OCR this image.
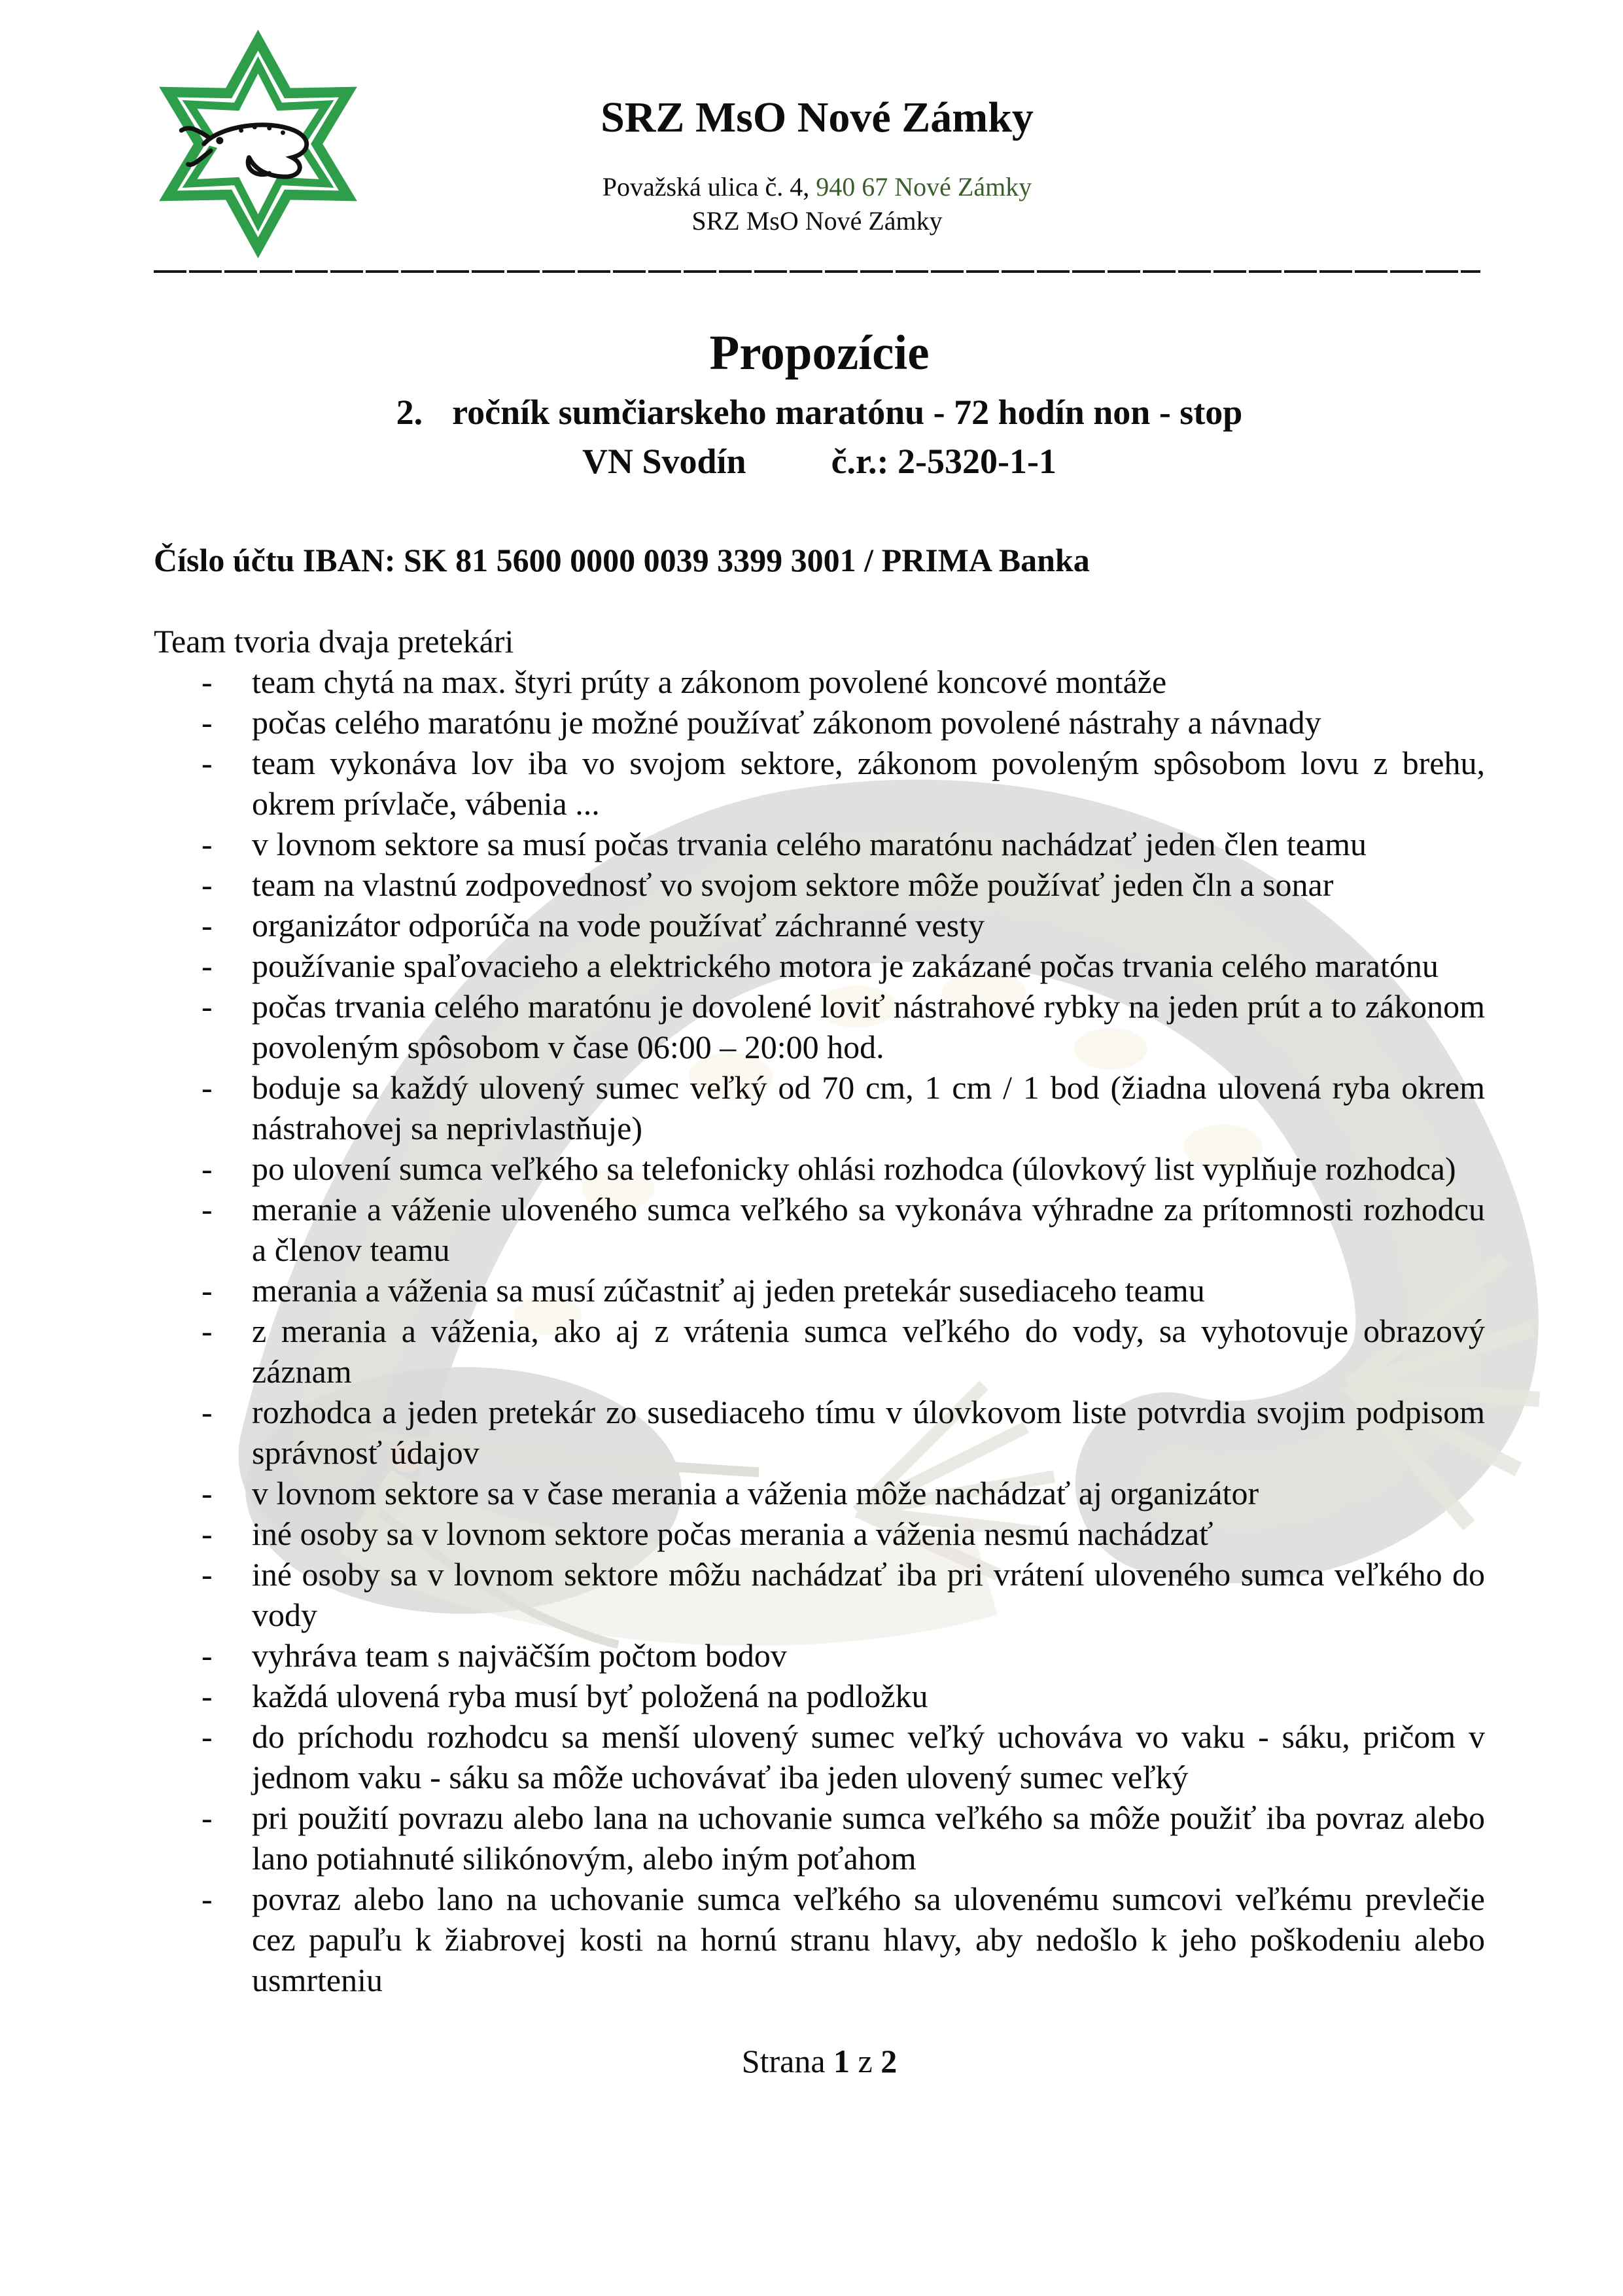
SRZ MsO Nové Zámky
Považská ulica č. 4, 940 67 Nové Zámky
SRZ MsO Nové Zámky
Propozície
2. ročník sumčiarskeho maratónu - 72 hodín non - stop
VN Svodín č.r.: 2-5320-1-1

Číslo účtu IBAN: SK 81 5600 0000 0039 3399 3001 / PRIMA Banka

Team tvoria dvaja pretekári

- team chytá na max. štyri prúty a zákonom povolené koncové montáže
- počas celého maratónu je možné používať zákonom povolené nástrahy a návnady
- team vykonáva lov iba vo svojom sektore, zákonom povoleným spôsobom lovu z brehu, okrem prívlače, vábenia ...
- v lovnom sektore sa musí počas trvania celého maratónu nachádzať jeden člen teamu
- team na vlastnú zodpovednosť vo svojom sektore môže používať jeden čln a sonar
- organizátor odporúča na vode používať záchranné vesty
- používanie spaľovacieho a elektrického motora je zakázané počas trvania celého maratónu
- počas trvania celého maratónu je dovolené loviť nástrahové rybky na jeden prút a to zákonom povoleným spôsobom v čase 06:00 – 20:00 hod.
- boduje sa každý ulovený sumec veľký od 70 cm, 1 cm / 1 bod (žiadna ulovená ryba okrem nástrahovej sa neprivlastňuje)
- po ulovení sumca veľkého sa telefonicky ohlási rozhodca (úlovkový list vyplňuje rozhodca)
- meranie a váženie uloveného sumca veľkého sa vykonáva výhradne za prítomnosti rozhodcu a členov teamu
- merania a váženia sa musí zúčastniť aj jeden pretekár susediaceho teamu
- z merania a váženia, ako aj z vrátenia sumca veľkého do vody, sa vyhotovuje obrazový záznam
- rozhodca a jeden pretekár zo susediaceho tímu v úlovkovom liste potvrdia svojim podpisom správnosť údajov
- v lovnom sektore sa v čase merania a váženia môže nachádzať aj organizátor
- iné osoby sa v lovnom sektore počas merania a váženia nesmú nachádzať
- iné osoby sa v lovnom sektore môžu nachádzať iba pri vrátení uloveného sumca veľkého do vody
- vyhráva team s najväčším počtom bodov
- každá ulovená ryba musí byť položená na podložku
- do príchodu rozhodcu sa menší ulovený sumec veľký uchováva vo vaku - sáku, pričom v jednom vaku - sáku sa môže uchovávať iba jeden ulovený sumec veľký
- pri použití povrazu alebo lana na uchovanie sumca veľkého sa môže použiť iba povraz alebo lano potiahnuté silikónovým, alebo iným poťahom
- povraz alebo lano na uchovanie sumca veľkého sa ulovenému sumcovi veľkému prevlečie cez papuľu k žiabrovej kosti na hornú stranu hlavy, aby nedošlo k jeho poškodeniu alebo usmrteniu
Strana 1 z 2
